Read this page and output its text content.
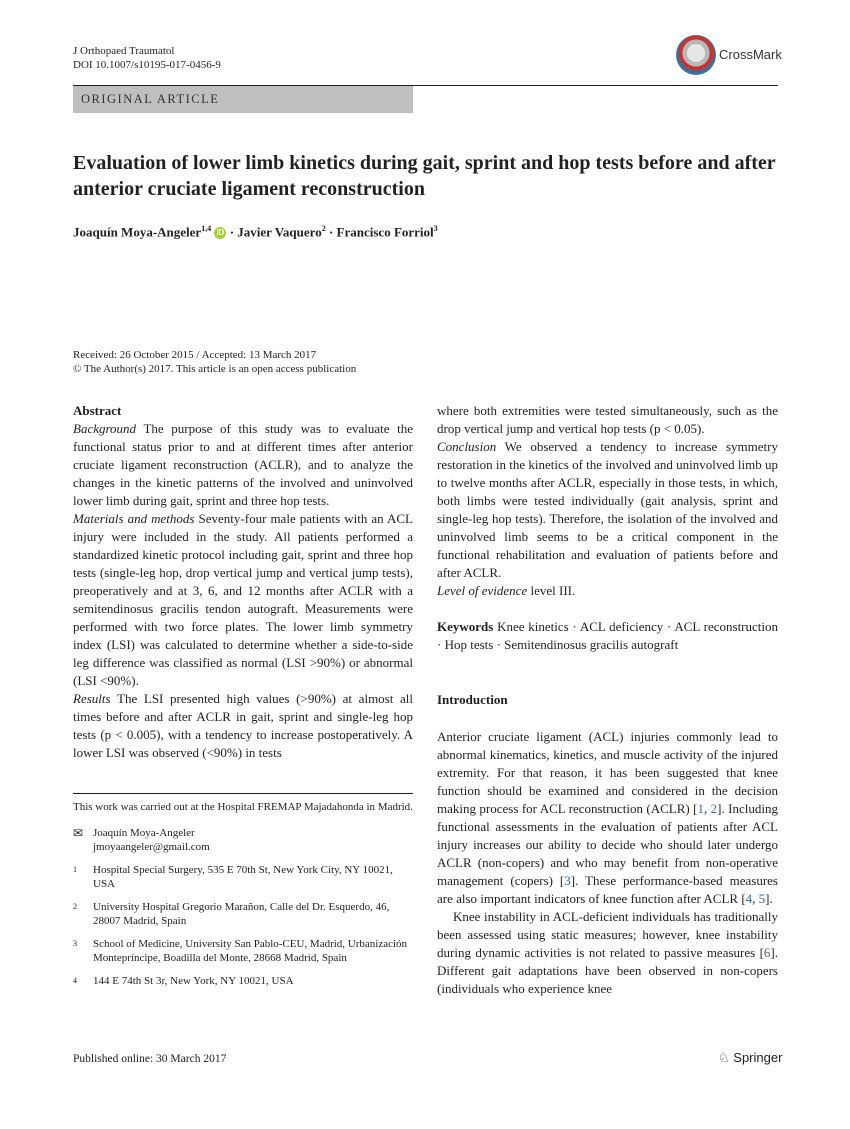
J Orthopaed Traumatol
DOI 10.1007/s10195-017-0456-9
CrossMark
ORIGINAL ARTICLE
Evaluation of lower limb kinetics during gait, sprint and hop tests before and after anterior cruciate ligament reconstruction
Joaquín Moya-Angeler$^{1,4}$ iD · Javier Vaquero$^2$ · Francisco Forriol$^3$
Received: 26 October 2015 / Accepted: 13 March 2017
© The Author(s) 2017. This article is an open access publication
Abstract

Background The purpose of this study was to evaluate the functional status prior to and at different times after anterior cruciate ligament reconstruction (ACLR), and to analyze the changes in the kinetic patterns of the involved and uninvolved lower limb during gait, sprint and three hop tests.

Materials and methods Seventy-four male patients with an ACL injury were included in the study. All patients performed a standardized kinetic protocol including gait, sprint and three hop tests (single-leg hop, drop vertical jump and vertical jump tests), preoperatively and at 3, 6, and 12 months after ACLR with a semitendinosus gracilis tendon autograft. Measurements were performed with two force plates. The lower limb symmetry index (LSI) was calculated to determine whether a side-to-side leg difference was classified as normal (LSI >90%) or abnormal (LSI <90%).

Results The LSI presented high values (>90%) at almost all times before and after ACLR in gait, sprint and single-leg hop tests (p < 0.005), with a tendency to increase postoperatively. A lower LSI was observed (<90%) in tests

where both extremities were tested simultaneously, such as the drop vertical jump and vertical hop tests (p < 0.05).

Conclusion We observed a tendency to increase symmetry restoration in the kinetics of the involved and uninvolved limb up to twelve months after ACLR, especially in those tests, in which, both limbs were tested individually (gait analysis, sprint and single-leg hop tests). Therefore, the isolation of the involved and uninvolved limb seems to be a critical component in the functional rehabilitation and evaluation of patients before and after ACLR.

Level of evidence level III.

Keywords Knee kinetics · ACL deficiency · ACL reconstruction · Hop tests · Semitendinosus gracilis autograft

Introduction

Anterior cruciate ligament (ACL) injuries commonly lead to abnormal kinematics, kinetics, and muscle activity of the injured extremity. For that reason, it has been suggested that knee function should be examined and considered in the decision making process for ACL reconstruction (ACLR) [1, 2]. Including functional assessments in the evaluation of patients after ACL injury increases our ability to decide who should later undergo ACLR (non-copers) and who may benefit from non-operative management (copers) [3]. These performance-based measures are also important indicators of knee function after ACLR [4, 5].

Knee instability in ACL-deficient individuals has traditionally been assessed using static measures; however, knee instability during dynamic activities is not related to passive measures [6]. Different gait adaptations have been observed in non-copers (individuals who experience knee

This work was carried out at the Hospital FREMAP Majadahonda in Madrid.
✉ Joaquín Moya-Angeler
jmoyaangeler@gmail.com
1	Hospital Special Surgery, 535 E 70th St, New York City, NY 10021, USA
2	University Hospital Gregorio Marañon, Calle del Dr. Esquerdo, 46, 28007 Madrid, Spain
3	School of Medicine, University San Pablo-CEU, Madrid, Urbanización Montepríncipe, Boadilla del Monte, 28668 Madrid, Spain
4	144 E 74th St 3r, New York, NY 10021, USA
Published online: 30 March 2017	♘ Springer
